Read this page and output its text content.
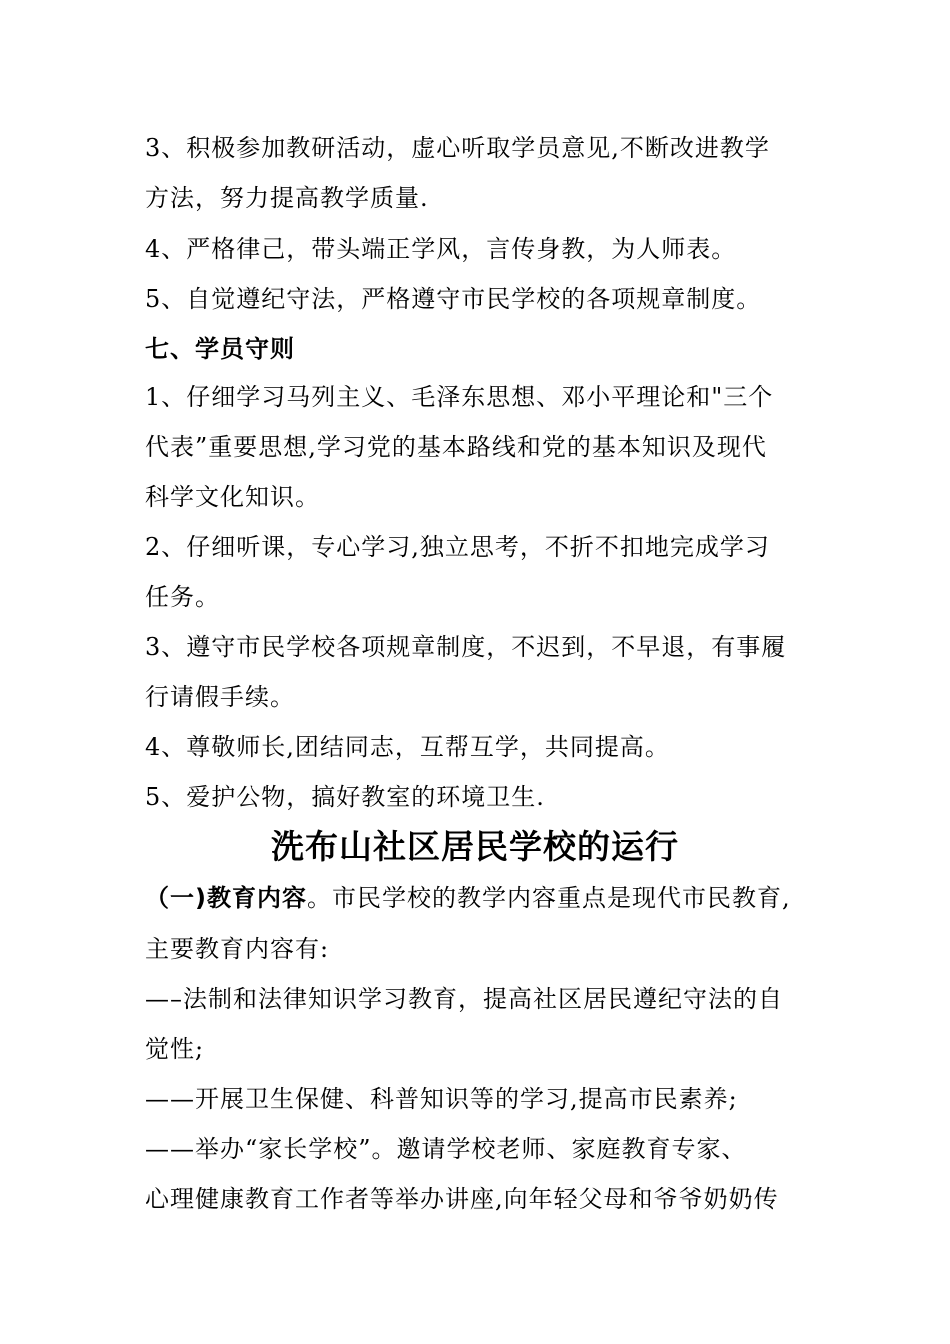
3、积极参加教研活动，虚心听取学员意见,不断改进教学
方法，努力提高教学质量.
4、严格律己，带头端正学风，言传身教，为人师表。
5、自觉遵纪守法，严格遵守市民学校的各项规章制度。
七、学员守则
1、仔细学习马列主义、毛泽东思想、邓小平理论和"三个
代表”重要思想,学习党的基本路线和党的基本知识及现代
科学文化知识。
2、仔细听课，专心学习,独立思考，不折不扣地完成学习
任务。
3、遵守市民学校各项规章制度，不迟到，不早退，有事履
行请假手续。
4、尊敬师长,团结同志，互帮互学，共同提高。
5、爱护公物，搞好教室的环境卫生.
洗布山社区居民学校的运行
（一)教育内容。市民学校的教学内容重点是现代市民教育,
主要教育内容有:
—–法制和法律知识学习教育，提高社区居民遵纪守法的自
觉性;
——开展卫生保健、科普知识等的学习,提高市民素养;
——举办“家长学校”。邀请学校老师、家庭教育专家、
心理健康教育工作者等举办讲座,向年轻父母和爷爷奶奶传
